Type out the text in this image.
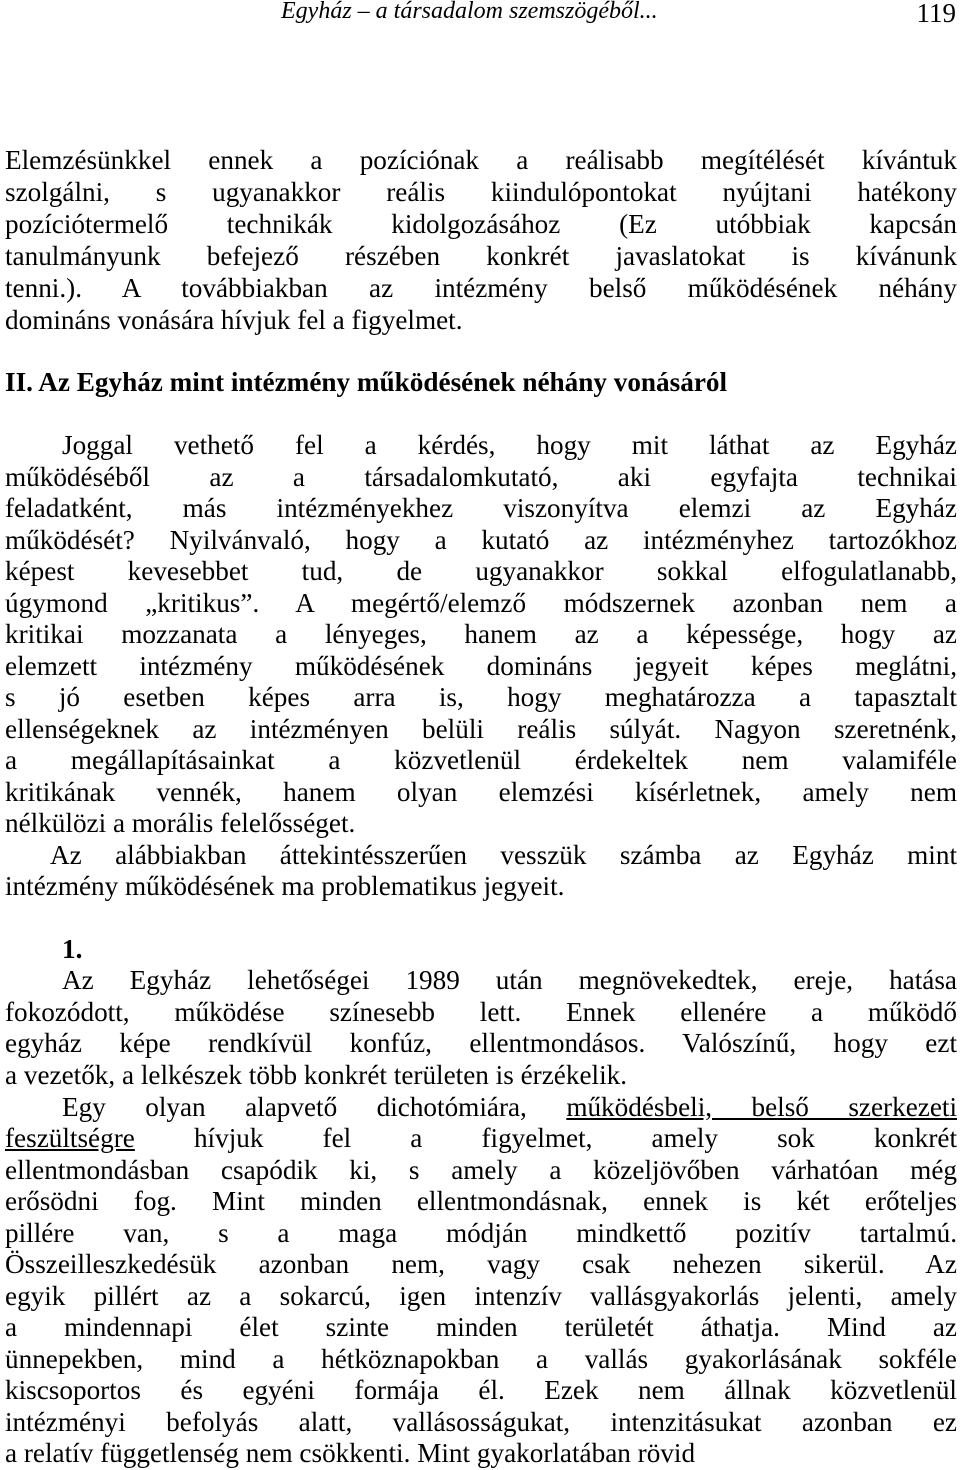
Egyház – a társadalom szemszögéből...	119
Elemzésünkkel ennek a pozíciónak a reálisabb megítélését kívántuk
szolgálni, s ugyanakkor reális kiindulópontokat nyújtani hatékony
pozíciótermelő technikák kidolgozásához (Ez utóbbiak kapcsán
tanulmányunk befejező részében konkrét javaslatokat is kívánunk
tenni.). A továbbiakban az intézmény belső működésének néhány
domináns vonására hívjuk fel a figyelmet.
II. Az Egyház mint intézmény működésének néhány vonásáról
Joggal vethető fel a kérdés, hogy mit láthat az Egyház
működéséből az a társadalomkutató, aki egyfajta technikai
feladatként, más intézményekhez viszonyítva elemzi az Egyház
működését? Nyilvánvaló, hogy a kutató az intézményhez tartozókhoz
képest kevesebbet tud, de ugyanakkor sokkal elfogulatlanabb,
úgymond „kritikus”. A megértő/elemző módszernek azonban nem a
kritikai mozzanata a lényeges, hanem az a képessége, hogy az
elemzett intézmény működésének domináns jegyeit képes meglátni,
s jó esetben képes arra is, hogy meghatározza a tapasztalt
ellenségeknek az intézményen belüli reális súlyát. Nagyon szeretnénk,
a megállapításainkat a közvetlenül érdekeltek nem valamiféle
kritikának vennék, hanem olyan elemzési kísérletnek, amely nem
nélkülözi a morális felelősséget.
Az alábbiakban áttekintésszerűen vesszük számba az Egyház mint
intézmény működésének ma problematikus jegyeit.
1.
Az Egyház lehetőségei 1989 után megnövekedtek, ereje, hatása
fokozódott, működése színesebb lett. Ennek ellenére a működő
egyház képe rendkívül konfúz, ellentmondásos. Valószínű, hogy ezt
a vezetők, a lelkészek több konkrét területen is érzékelik.
Egy olyan alapvető dichotómiára, működésbeli, belső szerkezeti
feszültségre hívjuk fel a figyelmet, amely sok konkrét
ellentmondásban csapódik ki, s amely a közeljövőben várhatóan még
erősödni fog. Mint minden ellentmondásnak, ennek is két erőteljes
pillére van, s a maga módján mindkettő pozitív tartalmú.
Összeilleszkedésük azonban nem, vagy csak nehezen sikerül. Az
egyik pillért az a sokarcú, igen intenzív vallásgyakorlás jelenti, amely
a mindennapi élet szinte minden területét áthatja. Mind az
ünnepekben, mind a hétköznapokban a vallás gyakorlásának sokféle
kiscsoportos és egyéni formája él. Ezek nem állnak közvetlenül
intézményi befolyás alatt, vallásosságukat, intenzitásukat azonban ez
a relatív függetlenség nem csökkenti. Mint gyakorlatában rövid
